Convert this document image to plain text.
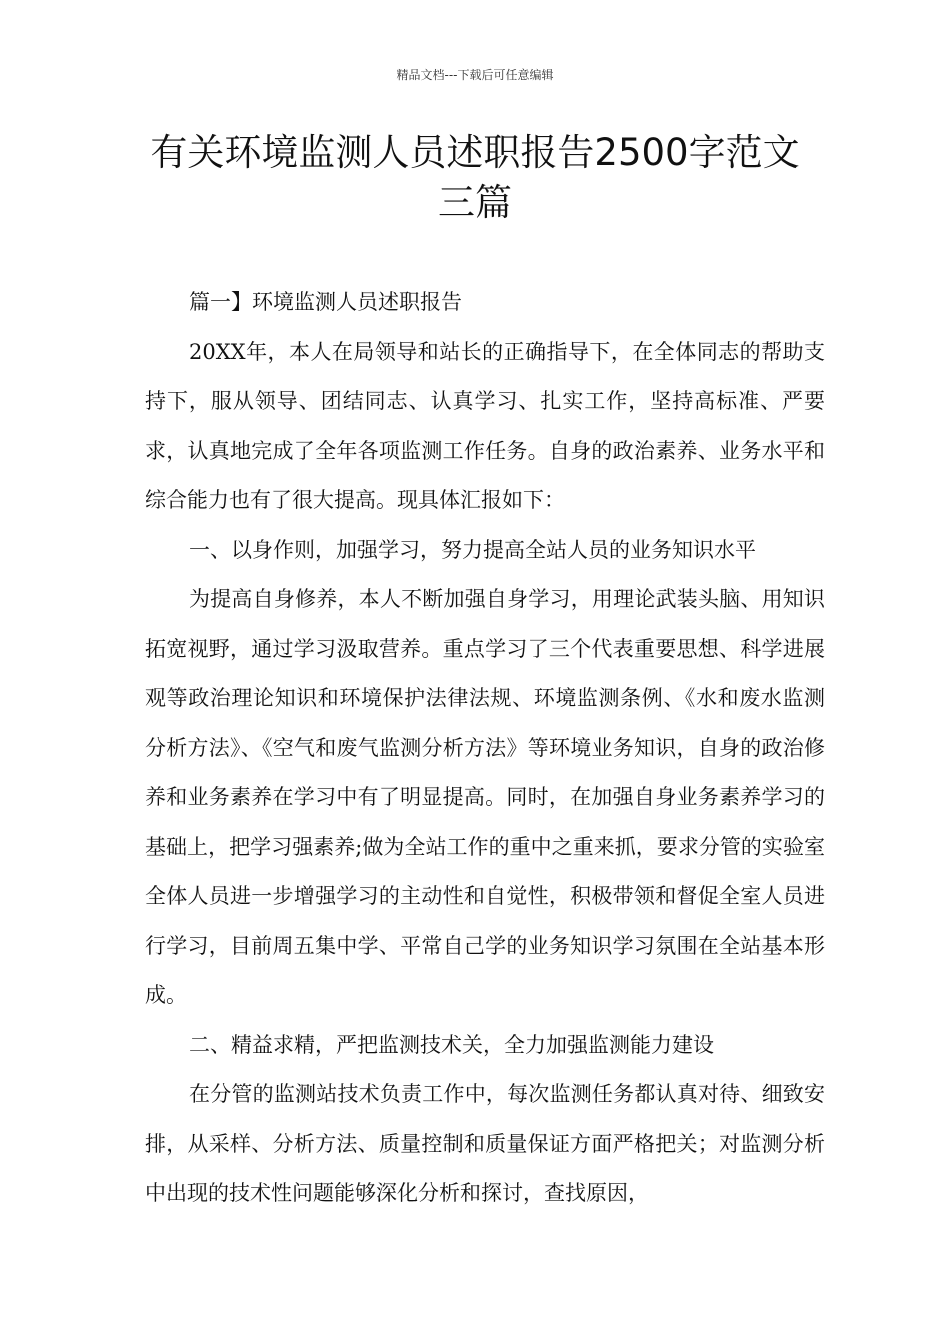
精品文档---下载后可任意编辑
有关环境监测人员述职报告2500字范文三篇

篇一】环境监测人员述职报告

20XX年，本人在局领导和站长的正确指导下，在全体同志的帮助支持下，服从领导、团结同志、认真学习、扎实工作，坚持高标准、严要求，认真地完成了全年各项监测工作任务。自身的政治素养、业务水平和综合能力也有了很大提高。现具体汇报如下：

一、以身作则，加强学习，努力提高全站人员的业务知识水平

为提高自身修养，本人不断加强自身学习，用理论武装头脑、用知识拓宽视野，通过学习汲取营养。重点学习了三个代表重要思想、科学进展观等政治理论知识和环境保护法律法规、环境监测条例、《水和废水监测分析方法》、《空气和废气监测分析方法》等环境业务知识，自身的政治修养和业务素养在学习中有了明显提高。同时，在加强自身业务素养学习的基础上，把学习强素养;做为全站工作的重中之重来抓，要求分管的实验室全体人员进一步增强学习的主动性和自觉性，积极带领和督促全室人员进行学习，目前周五集中学、平常自己学的业务知识学习氛围在全站基本形成。

二、精益求精，严把监测技术关，全力加强监测能力建设

在分管的监测站技术负责工作中，每次监测任务都认真对待、细致安排，从采样、分析方法、质量控制和质量保证方面严格把关；对监测分析中出现的技术性问题能够深化分析和探讨，查找原因，
